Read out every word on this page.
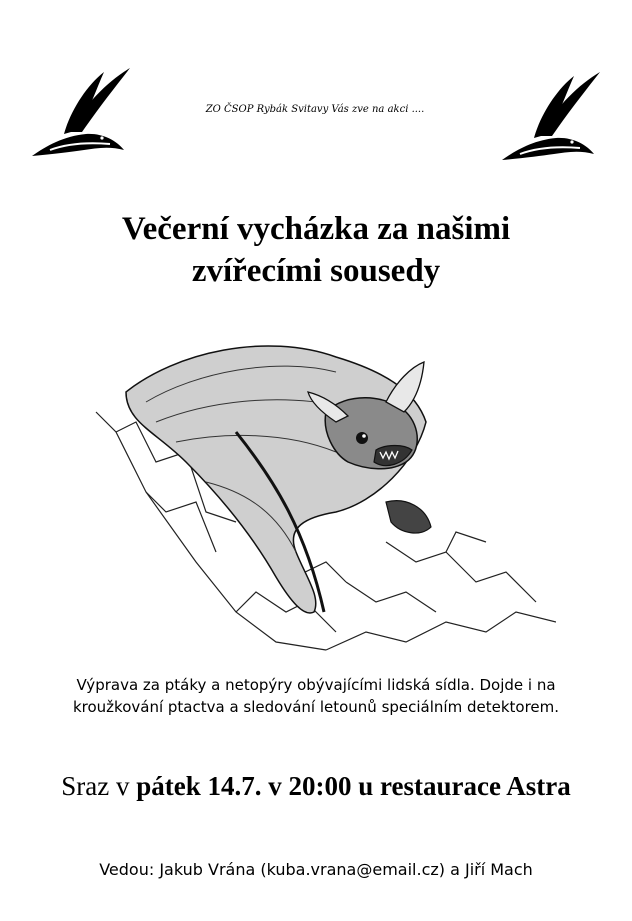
ZO ČSOP Rybák Svitavy Vás zve na akci ....
Večerní vycházka za našimi
zvířecími sousedy
Výprava za ptáky a netopýry obývajícími lidská sídla. Dojde i na
kroužkování ptactva a sledování letounů speciálním detektorem.
Sraz v pátek 14.7. v 20:00 u restaurace Astra
Vedou: Jakub Vrána (kuba.vrana@email.cz) a Jiří Mach
